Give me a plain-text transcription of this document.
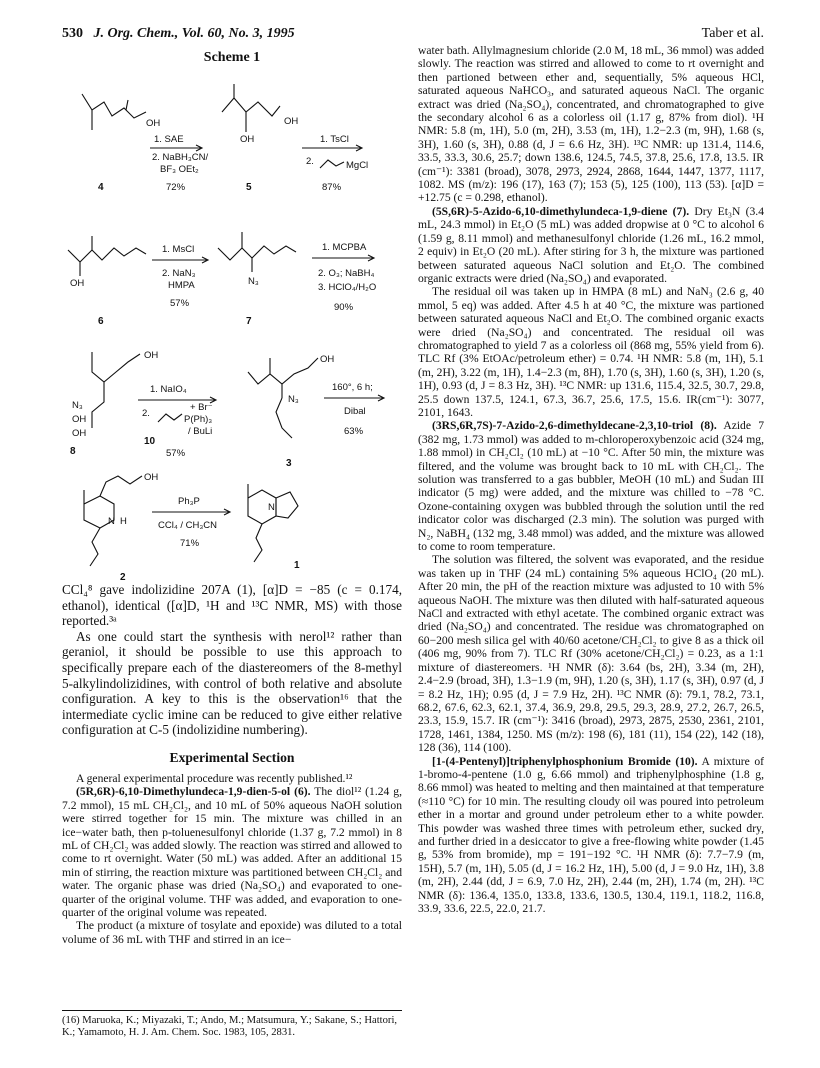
530 J. Org. Chem., Vol. 60, No. 3, 1995	Taber et al.
Scheme 1
OH
4
1. SAE
2. NaBH₃CN/
BF₃ OEt₂
72%
OH
OH
5
1. TsCl
2.	MgCl
87%
OH
6
1. MsCl
2. NaN₃
HMPA
57%
N₃
7
1. MCPBA
2. O₃; NaBH₄
3. HClO₄/H₂O
90%
OH
N₃
OH
OH
8
1. NaIO₄
2.
+ Br⁻
P(Ph)₃
/ BuLi
10
57%
N₃
OH
3
160°, 6 h;
Dibal
63%
OH
N H
2
Ph₃P
CCl₄ / CH₃CN
71%
N
1

CCl₄⁸ gave indolizidine 207A (1), [α]D = −85 (c = 0.174, ethanol), identical ([α]D, ¹H and ¹³C NMR, MS) with those reported.³ᵃ

As one could start the synthesis with nerol¹² rather than geraniol, it should be possible to use this approach to specifically prepare each of the diastereomers of the 8-methyl 5-alkylindolizidines, with control of both relative and absolute configuration. A key to this is the observation¹⁶ that the intermediate cyclic imine can be reduced to give either relative configuration at C-5 (indolizidine numbering).

Experimental Section

A general experimental procedure was recently published.¹²

(5R,6R)-6,10-Dimethylundeca-1,9-dien-5-ol (6). The diol¹² (1.24 g, 7.2 mmol), 15 mL CH₂Cl₂, and 10 mL of 50% aqueous NaOH solution were stirred together for 15 min. The mixture was chilled in an ice−water bath, then p-toluenesulfonyl chloride (1.37 g, 7.2 mmol) in 8 mL of CH₂Cl₂ was added slowly. The reaction was stirred and allowed to come to rt overnight. Water (50 mL) was added. After an additional 15 min of stirring, the reaction mixture was partitioned between CH₂Cl₂ and water. The organic phase was dried (Na₂SO₄) and evaporated to one-quarter of the original volume. THF was added, and evaporation to one-quarter of the original volume was repeated.

The product (a mixture of tosylate and epoxide) was diluted to a total volume of 36 mL with THF and stirred in an ice−

(16) Maruoka, K.; Miyazaki, T.; Ando, M.; Matsumura, Y.; Sakane, S.; Hattori, K.; Yamamoto, H. J. Am. Chem. Soc. 1983, 105, 2831.

water bath. Allylmagnesium chloride (2.0 M, 18 mL, 36 mmol) was added slowly. The reaction was stirred and allowed to come to rt overnight and then partioned between ether and, sequentially, 5% aqueous HCl, saturated aqueous NaHCO₃, and saturated aqueous NaCl. The organic extract was dried (Na₂SO₄), concentrated, and chromatographed to give the secondary alcohol 6 as a colorless oil (1.17 g, 87% from diol). ¹H NMR: 5.8 (m, 1H), 5.0 (m, 2H), 3.53 (m, 1H), 1.2−2.3 (m, 9H), 1.68 (s, 3H), 1.60 (s, 3H), 0.88 (d, J = 6.6 Hz, 3H). ¹³C NMR: up 131.4, 114.6, 33.5, 33.3, 30.6, 25.7; down 138.6, 124.5, 74.5, 37.8, 25.6, 17.8, 13.5. IR (cm⁻¹): 3381 (broad), 3078, 2973, 2924, 2868, 1644, 1447, 1377, 1117, 1082. MS (m/z): 196 (17), 163 (7); 153 (5), 125 (100), 113 (53). [α]D = +12.75 (c = 0.298, ethanol).

(5S,6R)-5-Azido-6,10-dimethylundeca-1,9-diene (7). Dry Et₃N (3.4 mL, 24.3 mmol) in Et₂O (5 mL) was added dropwise at 0 °C to alcohol 6 (1.59 g, 8.11 mmol) and methanesulfonyl chloride (1.26 mL, 16.2 mmol, 2 equiv) in Et₂O (20 mL). After stiring for 3 h, the mixture was partioned between saturated aqueous NaCl solution and Et₂O. The combined organic extracts were dried (Na₂SO₄) and evaporated.

The residual oil was taken up in HMPA (8 mL) and NaN₃ (2.6 g, 40 mmol, 5 eq) was added. After 4.5 h at 40 °C, the mixture was partioned between saturated aqueous NaCl and Et₂O. The combined organic exacts were dried (Na₂SO₄) and concentrated. The residual oil was chromatographed to yield 7 as a colorless oil (868 mg, 55% yield from 6). TLC Rf (3% EtOAc/petroleum ether) = 0.74. ¹H NMR: 5.8 (m, 1H), 5.1 (m, 2H), 3.22 (m, 1H), 1.4−2.3 (m, 8H), 1.70 (s, 3H), 1.60 (s, 3H), 1.20 (s, 1H), 0.93 (d, J = 8.3 Hz, 3H). ¹³C NMR: up 131.6, 115.4, 32.5, 30.7, 29.8, 25.5 down 137.5, 124.1, 67.3, 36.7, 25.6, 17.5, 15.6. IR(cm⁻¹): 3077, 2101, 1643.

(3RS,6R,7S)-7-Azido-2,6-dimethyldecane-2,3,10-triol (8). Azide 7 (382 mg, 1.73 mmol) was added to m-chloroperoxybenzoic acid (324 mg, 1.88 mmol) in CH₂Cl₂ (10 mL) at −10 °C. After 50 min, the mixture was filtered, and the volume was brought back to 10 mL with CH₂Cl₂. The solution was transferred to a gas bubbler, MeOH (10 mL) and Sudan III indicator (5 mg) were added, and the mixture was chilled to −78 °C. Ozone-containing oxygen was bubbled through the solution until the red indicator color was discharged (2.3 min). The solution was purged with N₂, NaBH₄ (132 mg, 3.48 mmol) was added, and the mixture was allowed to come to room temperature.

The solution was filtered, the solvent was evaporated, and the residue was taken up in THF (24 mL) containing 5% aqueous HClO₄ (20 mL). After 20 min, the pH of the reaction mixture was adjusted to 10 with 5% aqueous NaOH. The mixture was then diluted with half-saturated aqueous NaCl and extracted with ethyl acetate. The combined organic extract was dried (Na₂SO₄) and concentrated. The residue was chromatographed on 60−200 mesh silica gel with 40/60 acetone/CH₂Cl₂ to give 8 as a thick oil (406 mg, 90% from 7). TLC Rf (30% acetone/CH₂Cl₂) = 0.23, as a 1:1 mixture of diastereomers. ¹H NMR (δ): 3.64 (bs, 2H), 3.34 (m, 2H), 2.4−2.9 (broad, 3H), 1.3−1.9 (m, 9H), 1.20 (s, 3H), 1.17 (s, 3H), 0.97 (d, J = 8.2 Hz, 1H); 0.95 (d, J = 7.9 Hz, 2H). ¹³C NMR (δ): 79.1, 78.2, 73.1, 68.2, 67.6, 62.3, 62.1, 37.4, 36.9, 29.8, 29.5, 29.3, 28.9, 27.2, 26.7, 26.5, 23.3, 15.9, 15.7. IR (cm⁻¹): 3416 (broad), 2973, 2875, 2530, 2361, 2101, 1728, 1461, 1384, 1250. MS (m/z): 198 (6), 181 (11), 154 (22), 142 (18), 128 (36), 114 (100).

[1-(4-Pentenyl)]triphenylphosphonium Bromide (10). A mixture of 1-bromo-4-pentene (1.0 g, 6.66 mmol) and triphenylphosphine (1.8 g, 8.66 mmol) was heated to melting and then maintained at that temperature (≈110 °C) for 10 min. The resulting cloudy oil was poured into petroleum ether in a mortar and ground under petroleum ether to a white powder. This powder was washed three times with petroleum ether, sucked dry, and further dried in a desiccator to give a free-flowing white powder (1.45 g, 53% from bromide), mp = 191−192 °C. ¹H NMR (δ): 7.7−7.9 (m, 15H), 5.7 (m, 1H), 5.05 (d, J = 16.2 Hz, 1H), 5.00 (d, J = 9.0 Hz, 1H), 3.8 (m, 2H), 2.44 (dd, J = 6.9, 7.0 Hz, 2H), 2.44 (m, 2H), 1.74 (m, 2H). ¹³C NMR (δ): 136.4, 135.0, 133.8, 133.6, 130.5, 130.4, 119.1, 118.2, 116.8, 33.9, 33.6, 22.5, 22.0, 21.7.
